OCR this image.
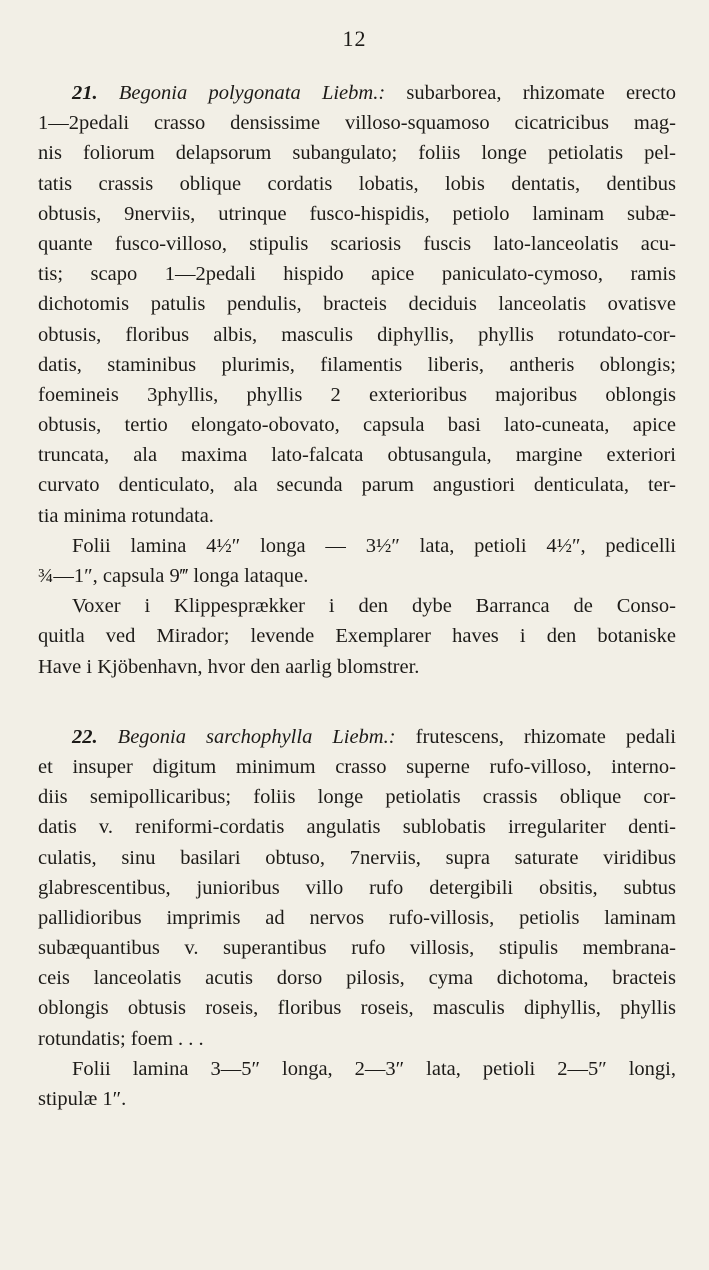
12
21. Begonia polygonata Liebm.: subarborea, rhizomate erecto
1—2pedali crasso densissime villoso-squamoso cicatricibus mag-
nis foliorum delapsorum subangulato; foliis longe petiolatis pel-
tatis crassis oblique cordatis lobatis, lobis dentatis, dentibus
obtusis, 9nerviis, utrinque fusco-hispidis, petiolo laminam subæ-
quante fusco-villoso, stipulis scariosis fuscis lato-lanceolatis acu-
tis; scapo 1—2pedali hispido apice paniculato-cymoso, ramis
dichotomis patulis pendulis, bracteis deciduis lanceolatis ovatisve
obtusis, floribus albis, masculis diphyllis, phyllis rotundato-cor-
datis, staminibus plurimis, filamentis liberis, antheris oblongis;
foemineis 3phyllis, phyllis 2 exterioribus majoribus oblongis
obtusis, tertio elongato-obovato, capsula basi lato-cuneata, apice
truncata, ala maxima lato-falcata obtusangula, margine exteriori
curvato denticulato, ala secunda parum angustiori denticulata, ter-
tia minima rotundata.
Folii lamina 4½″ longa — 3½″ lata, petioli 4½″, pedicelli
¾—1″, capsula 9‴ longa lataque.
Voxer i Klippesprækker i den dybe Barranca de Conso-
quitla ved Mirador; levende Exemplarer haves i den botaniske
Have i Kjöbenhavn, hvor den aarlig blomstrer.
22. Begonia sarchophylla Liebm.: frutescens, rhizomate pedali
et insuper digitum minimum crasso superne rufo-villoso, interno-
diis semipollicaribus; foliis longe petiolatis crassis oblique cor-
datis v. reniformi-cordatis angulatis sublobatis irregulariter denti-
culatis, sinu basilari obtuso, 7nerviis, supra saturate viridibus
glabrescentibus, junioribus villo rufo detergibili obsitis, subtus
pallidioribus imprimis ad nervos rufo-villosis, petiolis laminam
subæquantibus v. superantibus rufo villosis, stipulis membrana-
ceis lanceolatis acutis dorso pilosis, cyma dichotoma, bracteis
oblongis obtusis roseis, floribus roseis, masculis diphyllis, phyllis
rotundatis; foem . . .
Folii lamina 3—5″ longa, 2—3″ lata, petioli 2—5″ longi,
stipulæ 1″.
